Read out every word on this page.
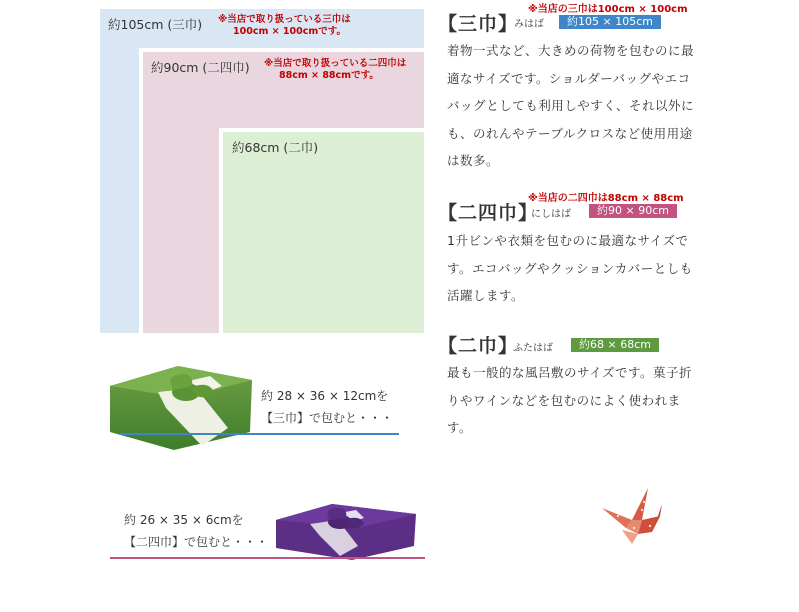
約105cm (三巾) ※当店で取り扱っている三巾は
100cm × 100cmです。
約90cm (二四巾) ※当店で取り扱っている二四巾は
88cm × 88cmです。
約68cm (二巾)
※当店の三巾は100cm × 100cm
【三巾】
みはば	約105 × 105cm
着物一式など、大きめの荷物を包むのに最適なサイズです。ショルダーバッグやエコバッグとしても利用しやすく、それ以外にも、のれんやテーブルクロスなど使用用途は数多。
※当店の二四巾は88cm × 88cm
【二四巾】
にしはば	約90 × 90cm
1升ビンや衣類を包むのに最適なサイズです。エコバッグやクッションカバーとしも活躍します。
【二巾】
ふたはば	約68 × 68cm
最も一般的な風呂敷のサイズです。菓子折りやワインなどを包むのによく使われます。
約 28 × 36 × 12cmを
【三巾】で包むと・・・
約 26 × 35 × 6cmを
【二四巾】で包むと・・・
